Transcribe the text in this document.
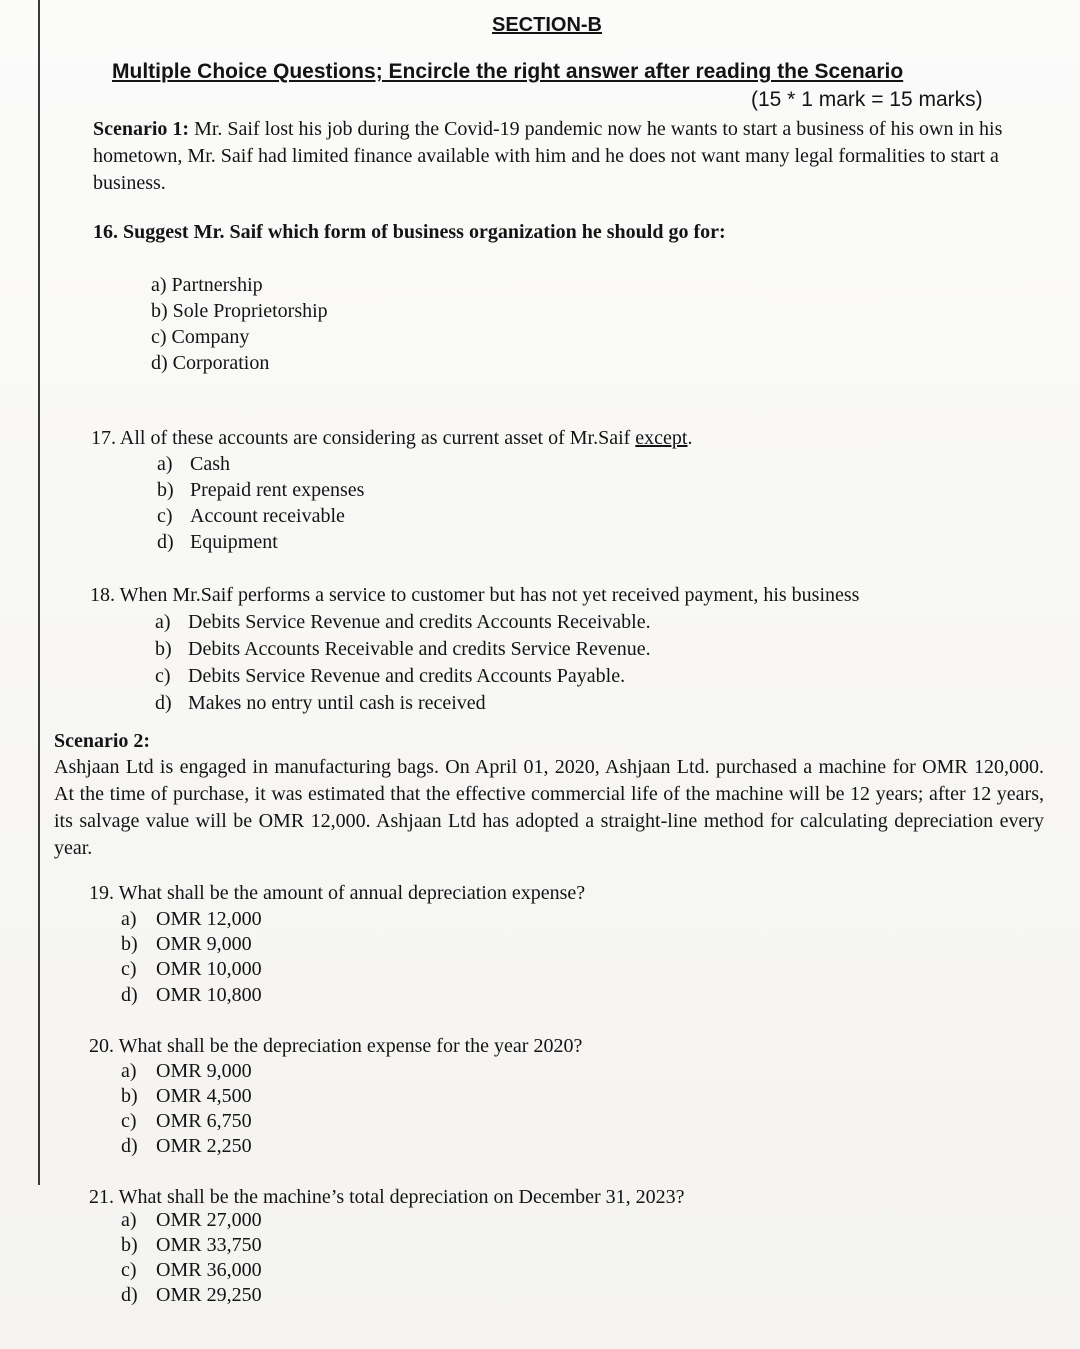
SECTION-B
Multiple Choice Questions; Encircle the right answer after reading the Scenario
(15 * 1 mark = 15 marks)
Scenario 1: Mr. Saif lost his job during the Covid-19 pandemic now he wants to start a business of his own in his hometown, Mr. Saif had limited finance available with him and he does not want many legal formalities to start a business.
16. Suggest Mr. Saif which form of business organization he should go for:
a) Partnership
b) Sole Proprietorship
c) Company
d) Corporation
17. All of these accounts are considering as current asset of Mr.Saif except.
a) Cash
b) Prepaid rent expenses
c) Account receivable
d) Equipment
18. When Mr.Saif performs a service to customer but has not yet received payment, his business
a) Debits Service Revenue and credits Accounts Receivable.
b) Debits Accounts Receivable and credits Service Revenue.
c) Debits Service Revenue and credits Accounts Payable.
d) Makes no entry until cash is received
Scenario 2:
Ashjaan Ltd is engaged in manufacturing bags. On April 01, 2020, Ashjaan Ltd. purchased a machine for OMR 120,000. At the time of purchase, it was estimated that the effective commercial life of the machine will be 12 years; after 12 years, its salvage value will be OMR 12,000. Ashjaan Ltd has adopted a straight-line method for calculating depreciation every year.
19. What shall be the amount of annual depreciation expense?
a) OMR 12,000
b) OMR 9,000
c) OMR 10,000
d) OMR 10,800
20. What shall be the depreciation expense for the year 2020?
a) OMR 9,000
b) OMR 4,500
c) OMR 6,750
d) OMR 2,250
21. What shall be the machine’s total depreciation on December 31, 2023?
a) OMR 27,000
b) OMR 33,750
c) OMR 36,000
d) OMR 29,250
